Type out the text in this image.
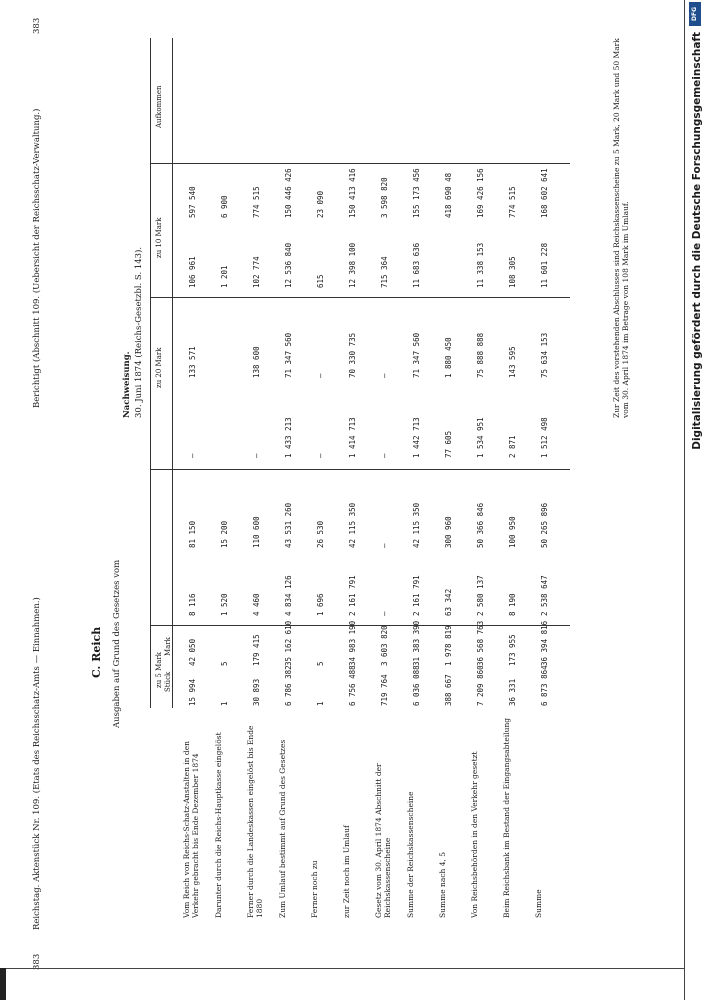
383
Reichstag. Aktenstück Nr. 109. (Etats des Reichsschatz-Amts — Einnahmen.)
Berichtigt (Abschnitt 109. (Uebersicht der Reichsschatz-Verwaltung.)
383
C. Reich Ausgaben auf Grund des Gesetzes vom
Nachweisung. 30. Juni 1874 (Reichs-Gesetzbl. S. 143).
zu 5 Mark
zu 20 Mark
zu 10 Mark
Aufkommen
Stück
Mark
Vom Reich von Reichs-Schatz-Anstalten in den Verkehr gebracht bis Ende Dezember 1874
15 994
42 050
8 116
81 150
—
133 571
106 961
597 540
Darunter durch die Reichs-Hauptkasse eingelöst
1
5
1 520
15 200
1 201
6 900
Ferner durch die Landeskassen eingelöst bis Ende 1880
30 893
179 415
4 460
110 600
—
138 600
102 774
774 515
Zum Umlauf bestimmt auf Grund des Gesetzes
6 786 382
35 162 610
4 834 126
43 531 260
1 433 213
71 347 560
12 536 840
150 446 426
Ferner noch zu
1
5
1 696
26 530
—
—
615
23 090
zur Zeit noch im Umlauf
6 756 488
34 983 190
2 161 791
42 115 350
1 414 713
70 330 735
12 398 100
150 413 416
Gesetz vom 30. April 1874 Abschnitt der Reichskassenscheine
719 764
3 603 820
—
—
—
—
715 364
3 598 820
Summe der Reichskassenscheine
6 036 088
31 383 390
2 161 791
42 115 350
1 442 713
71 347 560
11 683 636
155 173 456
Summe nach 4, 5
388 667
1 978 819
63 342
300 960
77 605
1 880 450
418 690 48
Von Reichsbehörden in den Verkehr gesetzt
7 209 860
36 568 763
2 580 137
50 366 846
1 534 951
75 888 888
11 338 153
169 426 156
Beim Reichsbank im Bestand der Eingangsabteilung
36 331
173 955
8 190
100 950
2 871
143 595
108 305
774 515
Summe
6 873 864
36 394 816
2 538 647
50 265 896
1 512 498
75 634 153
11 601 228
168 602 641	Zur Zeit des vorstehenden Abschlusses sind Reichskassenscheine zu 5 Mark, 20 Mark und 50 Mark vom 30. April 1874 im Betrage von 108 Mark im Umlauf.
DFG
Digitalisierung gefördert durch die Deutsche Forschungsgemeinschaft
